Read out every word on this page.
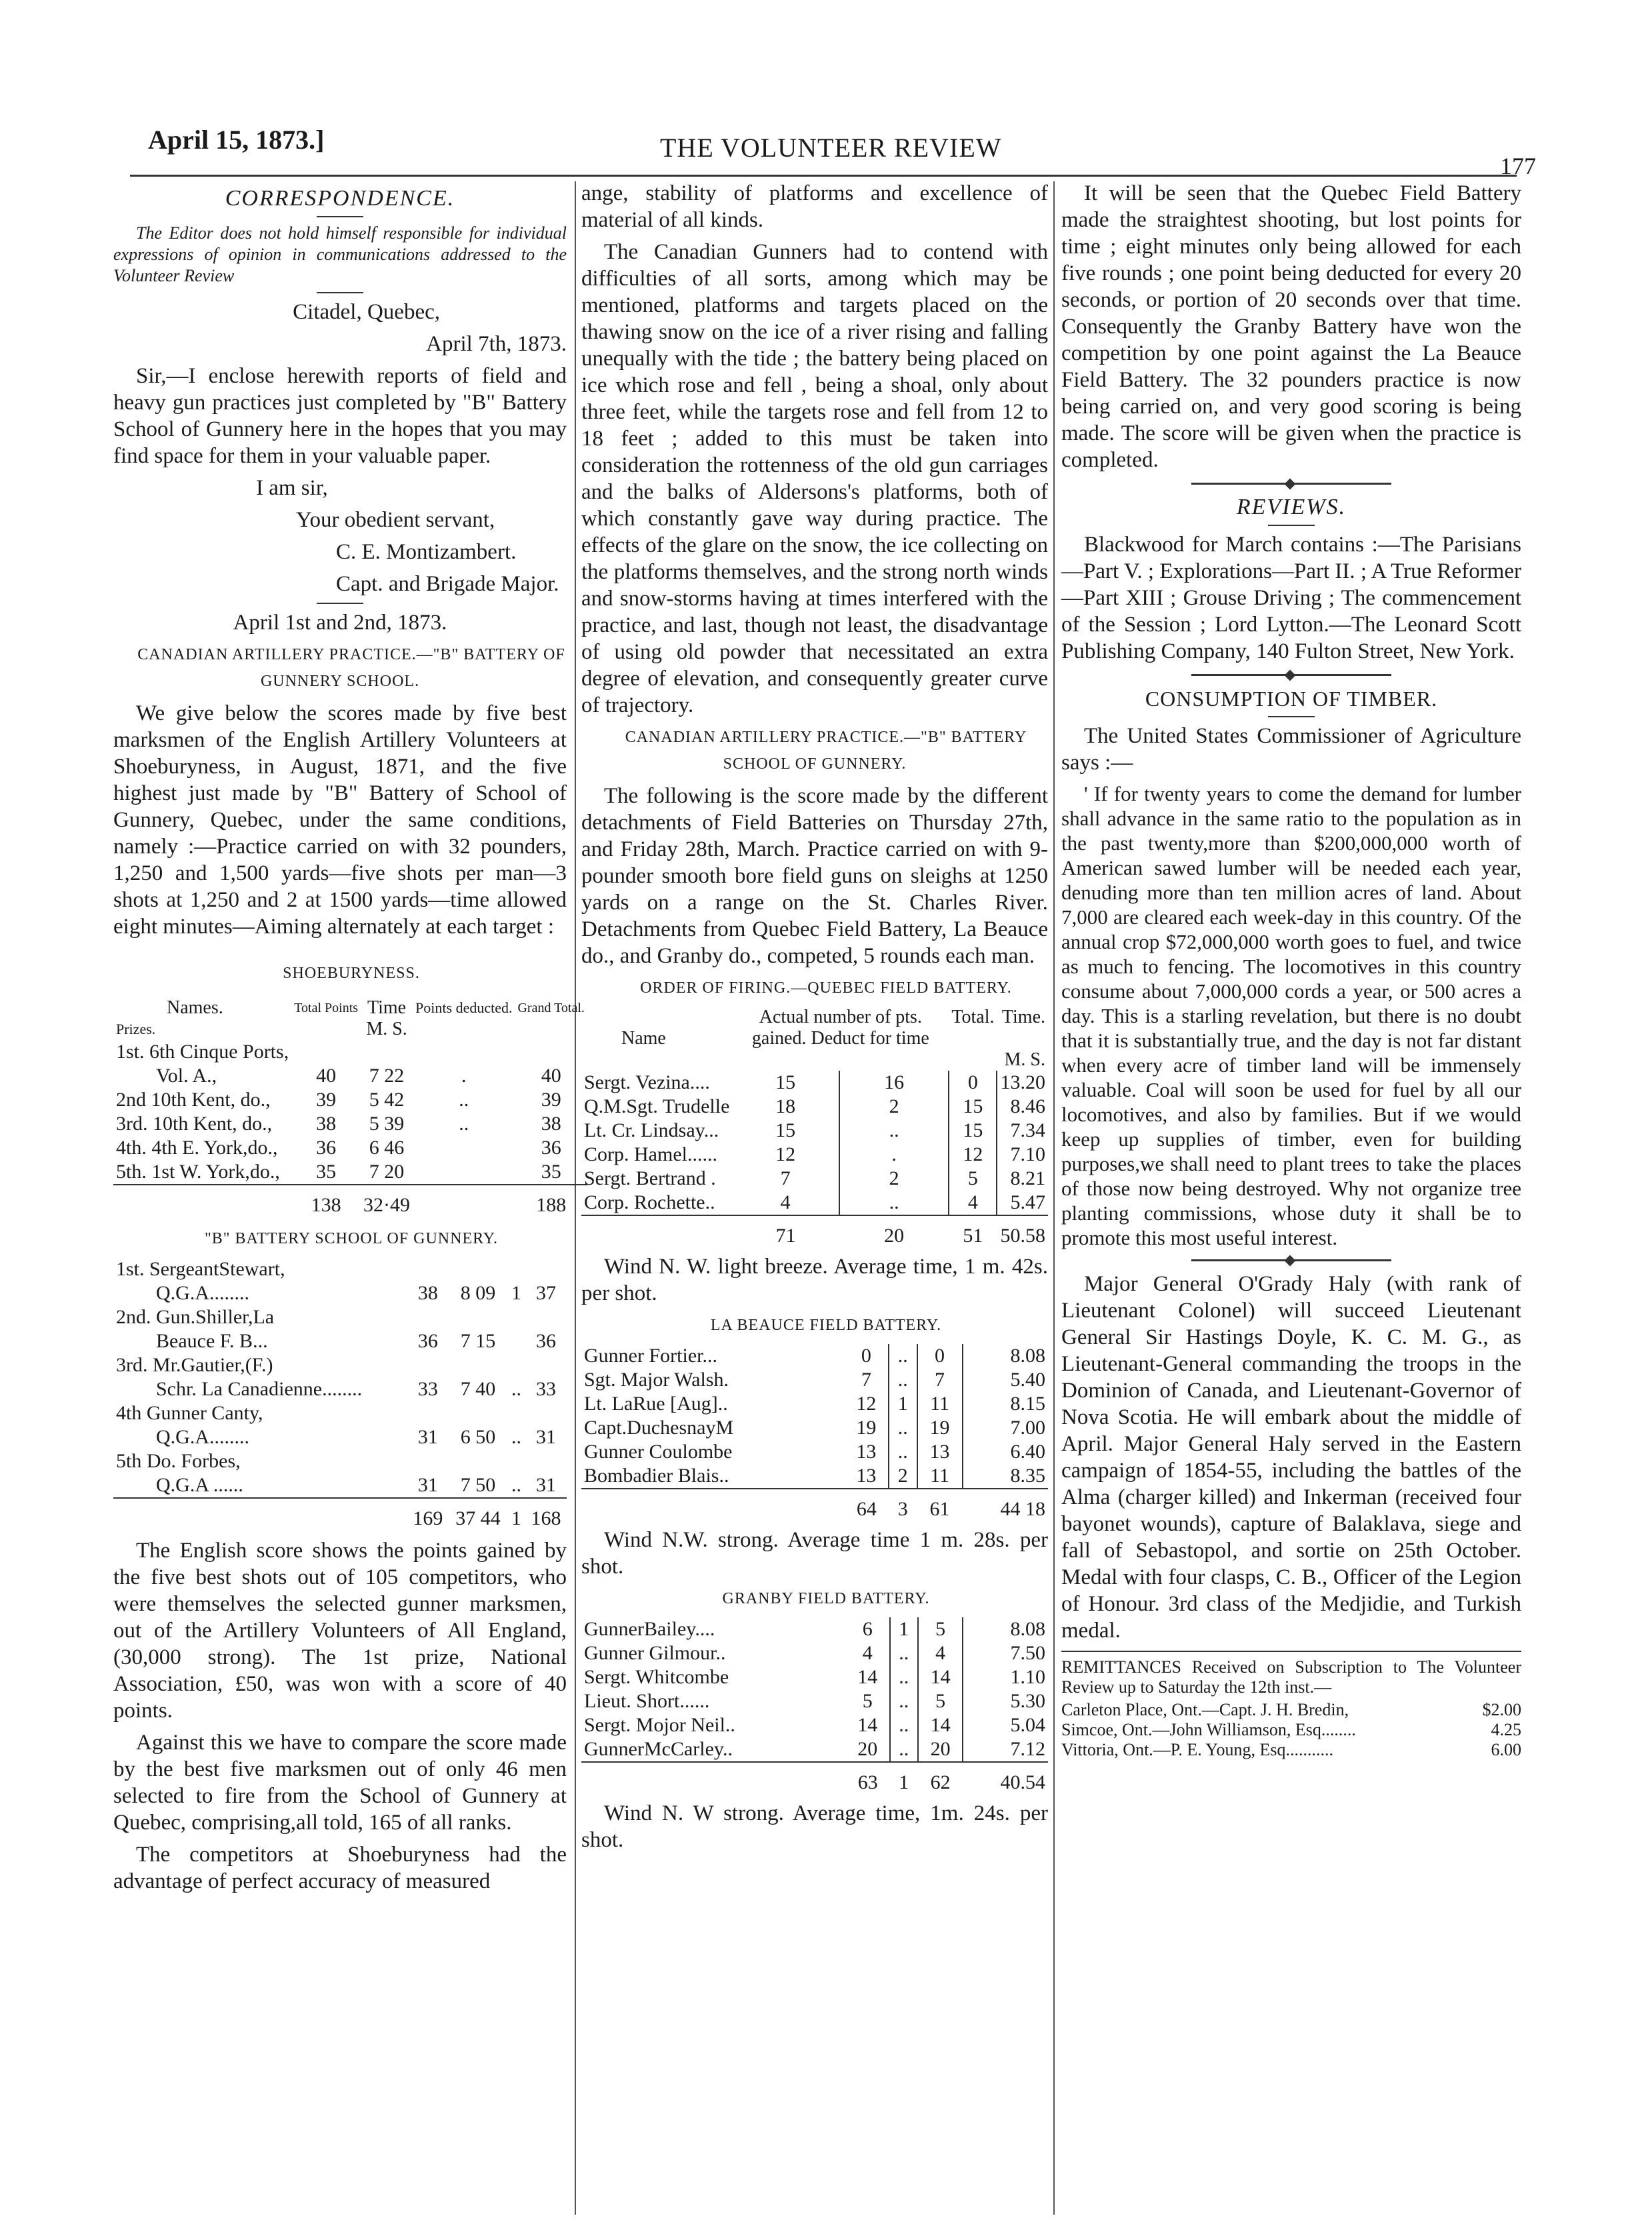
April 15, 1873.]	THE VOLUNTEER REVIEW
177
CORRESPONDENCE.

The Editor does not hold himself responsible for individual expressions of opinion in communications addressed to the Volunteer Review

Citadel, Quebec,

April 7th, 1873.

Sir,—I enclose herewith reports of field and heavy gun practices just completed by "B" Battery School of Gunnery here in the hopes that you may find space for them in your valuable paper.

I am sir,

Your obedient servant,

C. E. Montizambert.

Capt. and Brigade Major.

April 1st and 2nd, 1873.

CANADIAN ARTILLERY PRACTICE.—"B" BATTERY OF GUNNERY SCHOOL.

We give below the scores made by five best marksmen of the English Artillery Volunteers at Shoeburyness, in August, 1871, and the five highest just made by "B" Battery of School of Gunnery, Quebec, under the same conditions, namely :—Practice carried on with 32 pounders, 1,250 and 1,500 yards—five shots per man—3 shots at 1,250 and 2 at 1500 yards—time allowed eight minutes—Aiming alternately at each target :

SHOEBURYNESS.

Names.	Total Points	Time	Points deducted.	Grand Total.
Prizes.		M. S.		

1st. 6th Cinque Ports,
Vol. A.,	40	7 22	.	40

2nd 10th Kent, do.,	39	5 42	..	39

3rd. 10th Kent, do.,	38	5 39	..	38

4th. 4th E. York,do.,	36	6 46		36

5th. 1st W. York,do.,	35	7 20		35

	138	32·49		188

"B" BATTERY SCHOOL OF GUNNERY.

1st. SergeantStewart,
Q.G.A........	38	8 09	1	37

2nd. Gun.Shiller,La
Beauce F. B...	36	7 15		36

3rd. Mr.Gautier,(F.)
Schr. La Canadienne........	33	7 40	..	33

4th Gunner Canty,
Q.G.A........	31	6 50	..	31

5th Do. Forbes,
Q.G.A ......	31	7 50	..	31

	169	37 44	1	168

The English score shows the points gained by the five best shots out of 105 competitors, who were themselves the selected gunner marksmen, out of the Artillery Volunteers of All England, (30,000 strong). The 1st prize, National Association, £50, was won with a score of 40 points.

Against this we have to compare the score made by the best five marksmen out of only 46 men selected to fire from the School of Gunnery at Quebec, comprising,all told, 165 of all ranks.

The competitors at Shoeburyness had the advantage of perfect accuracy of measured

ange, stability of platforms and excellence of material of all kinds.

The Canadian Gunners had to contend with difficulties of all sorts, among which may be mentioned, platforms and targets placed on the thawing snow on the ice of a river rising and falling unequally with the tide ; the battery being placed on ice which rose and fell , being a shoal, only about three feet, while the targets rose and fell from 12 to 18 feet ; added to this must be taken into consideration the rottenness of the old gun carriages and the balks of Aldersons's platforms, both of which constantly gave way during practice. The effects of the glare on the snow, the ice collecting on the platforms themselves, and the strong north winds and snow-storms having at times interfered with the practice, and last, though not least, the disadvantage of using old powder that necessitated an extra degree of elevation, and consequently greater curve of trajectory.

CANADIAN ARTILLERY PRACTICE.—"B" BATTERY SCHOOL OF GUNNERY.

The following is the score made by the different detachments of Field Batteries on Thursday 27th, and Friday 28th, March. Practice carried on with 9-pounder smooth bore field guns on sleighs at 1250 yards on a range on the St. Charles River. Detachments from Quebec Field Battery, La Beauce do., and Granby do., competed, 5 rounds each man.

ORDER OF FIRING.—QUEBEC FIELD BATTERY.

Name	Actual number of pts. gained. Deduct for time		Total.	Time.
				M. S.

Sergt. Vezina....	15	16	0	13.20

Q.M.Sgt. Trudelle	18	2	15	8.46

Lt. Cr. Lindsay...	15	..	15	7.34

Corp. Hamel......	12	.	12	7.10

Sergt. Bertrand .	7	2	5	8.21

Corp. Rochette..	4	..	4	5.47

	71	20	51	50.58

Wind N. W. light breeze. Average time, 1 m. 42s. per shot.

LA BEAUCE FIELD BATTERY.

Gunner Fortier...	0	..	0	8.08

Sgt. Major Walsh.	7	..	7	5.40

Lt. LaRue [Aug]..	12	1	11	8.15

Capt.DuchesnayM	19	..	19	7.00

Gunner Coulombe	13	..	13	6.40

Bombadier Blais..	13	2	11	8.35

	64	3	61	44 18

Wind N.W. strong. Average time 1 m. 28s. per shot.

GRANBY FIELD BATTERY.

GunnerBailey....	6	1	5	8.08

Gunner Gilmour..	4	..	4	7.50

Sergt. Whitcombe	14	..	14	1.10

Lieut. Short......	5	..	5	5.30

Sergt. Mojor Neil..	14	..	14	5.04

GunnerMcCarley..	20	..	20	7.12

	63	1	62	40.54

Wind N. W strong. Average time, 1m. 24s. per shot.

It will be seen that the Quebec Field Battery made the straightest shooting, but lost points for time ; eight minutes only being allowed for each five rounds ; one point being deducted for every 20 seconds, or portion of 20 seconds over that time. Consequently the Granby Battery have won the competition by one point against the La Beauce Field Battery. The 32 pounders practice is now being carried on, and very good scoring is being made. The score will be given when the practice is completed.

REVIEWS.

Blackwood for March contains :—The Parisians—Part V. ; Explorations—Part II. ; A True Reformer—Part XIII ; Grouse Driving ; The commencement of the Session ; Lord Lytton.—The Leonard Scott Publishing Company, 140 Fulton Street, New York.

CONSUMPTION OF TIMBER.

The United States Commissioner of Agriculture says :—

' If for twenty years to come the demand for lumber shall advance in the same ratio to the population as in the past twenty,more than $200,000,000 worth of American sawed lumber will be needed each year, denuding more than ten million acres of land. About 7,000 are cleared each week-day in this country. Of the annual crop $72,000,000 worth goes to fuel, and twice as much to fencing. The locomotives in this country consume about 7,000,000 cords a year, or 500 acres a day. This is a starling revelation, but there is no doubt that it is substantially true, and the day is not far distant when every acre of timber land will be immensely valuable. Coal will soon be used for fuel by all our locomotives, and also by families. But if we would keep up supplies of timber, even for building purposes,we shall need to plant trees to take the places of those now being destroyed. Why not organize tree planting commissions, whose duty it shall be to promote this most useful interest.

Major General O'Grady Haly (with rank of Lieutenant Colonel) will succeed Lieutenant General Sir Hastings Doyle, K. C. M. G., as Lieutenant-General commanding the troops in the Dominion of Canada, and Lieutenant-Governor of Nova Scotia. He will embark about the middle of April. Major General Haly served in the Eastern campaign of 1854-55, including the battles of the Alma (charger killed) and Inkerman (received four bayonet wounds), capture of Balaklava, siege and fall of Sebastopol, and sortie on 25th October. Medal with four clasps, C. B., Officer of the Legion of Honour. 3rd class of the Medjidie, and Turkish medal.

REMITTANCES Received on Subscription to The Volunteer Review up to Saturday the 12th inst.—

Carleton Place, Ont.—Capt. J. H. Bredin,	$2.00
Simcoe, Ont.—John Williamson, Esq........	4.25
Vittoria, Ont.—P. E. Young, Esq...........	6.00
